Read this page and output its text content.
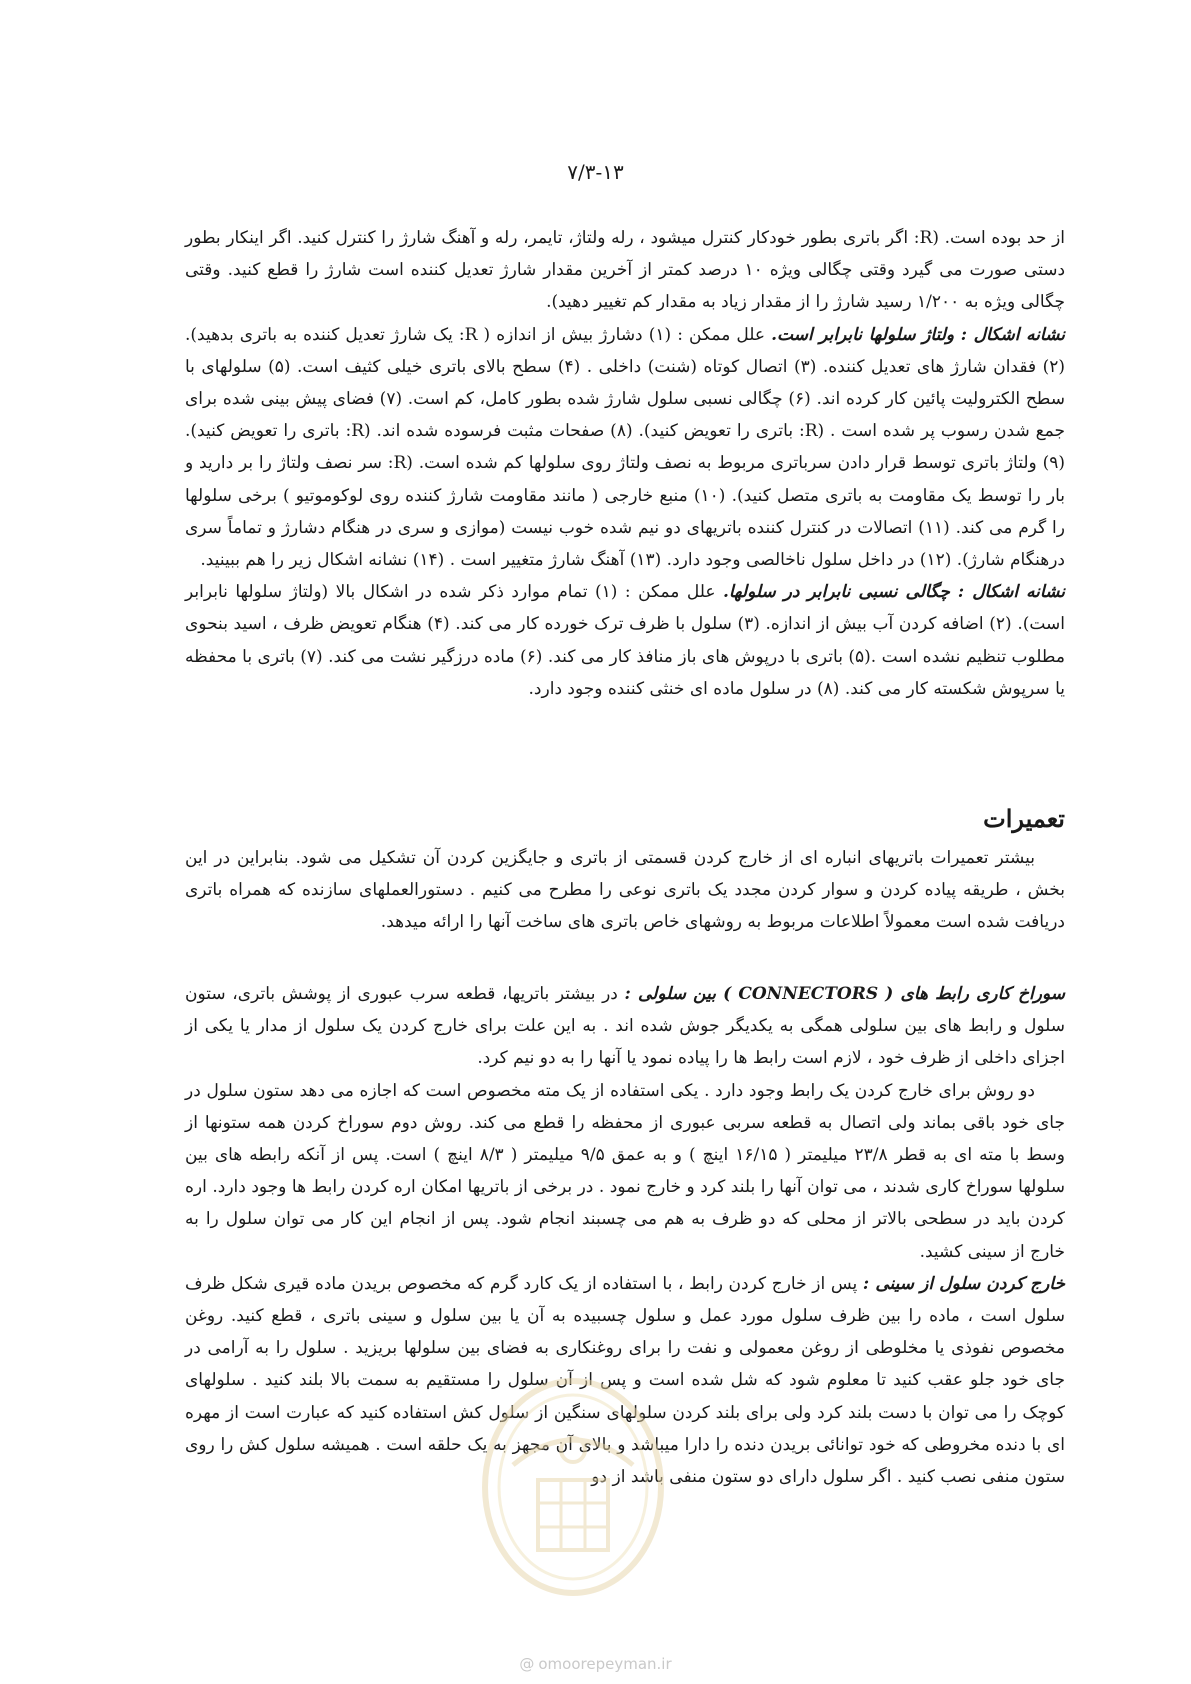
۷/۳-۱۳

از حد بوده است. (R: اگر باتری بطور خودکار کنترل میشود ، رله ولتاژ، تایمر، رله و آهنگ شارژ را کنترل کنید. اگر اینکار بطور دستی صورت می گیرد وقتی چگالی ویژه ۱۰ درصد کمتر از آخرین مقدار شارژ تعدیل کننده است شارژ را قطع کنید. وقتی چگالی ویژه به ۱/۲۰۰ رسید شارژ را از مقدار زیاد به مقدار کم تغییر دهید).

نشانه اشکال : ولتاژ سلولها نابرابر است. علل ممکن : (۱) دشارژ بیش از اندازه ( R: یک شارژ تعدیل کننده به باتری بدهید). (۲) فقدان شارژ های تعدیل کننده. (۳) اتصال کوتاه (شنت) داخلی . (۴) سطح بالای باتری خیلی کثیف است. (۵) سلولهای با سطح الکترولیت پائین کار کرده اند. (۶) چگالی نسبی سلول شارژ شده بطور کامل، کم است. (۷) فضای پیش بینی شده برای جمع شدن رسوب پر شده است . (R: باتری را تعویض کنید). (۸) صفحات مثبت فرسوده شده اند. (R: باتری را تعویض کنید). (۹) ولتاژ باتری توسط قرار دادن سرباتری مربوط به نصف ولتاژ روی سلولها کم شده است. (R: سر نصف ولتاژ را بر دارید و بار را توسط یک مقاومت به باتری متصل کنید). (۱۰) منبع خارجی ( مانند مقاومت شارژ کننده روی لوکوموتیو ) برخی سلولها را گرم می کند. (۱۱) اتصالات در کنترل کننده باتریهای دو نیم شده خوب نیست (موازی و سری در هنگام دشارژ و تماماً سری درهنگام شارژ). (۱۲) در داخل سلول ناخالصی وجود دارد. (۱۳) آهنگ شارژ متغییر است . (۱۴) نشانه اشکال زیر را هم ببینید.

نشانه اشکال : چگالی نسبی نابرابر در سلولها. علل ممکن : (۱) تمام موارد ذکر شده در اشکال بالا (ولتاژ سلولها نابرابر است). (۲) اضافه کردن آب بیش از اندازه. (۳) سلول با ظرف ترک خورده کار می کند. (۴) هنگام تعویض ظرف ، اسید بنحوی مطلوب تنظیم نشده است .(۵) باتری با درپوش های باز منافذ کار می کند. (۶) ماده درزگیر نشت می کند. (۷) باتری با محفظه یا سرپوش شکسته کار می کند. (۸) در سلول ماده ای خنثی کننده وجود دارد.

تعمیرات

بیشتر تعمیرات باتریهای انباره ای از خارج کردن قسمتی از باتری و جایگزین کردن آن تشکیل می شود. بنابراین در این بخش ، طریقه پیاده کردن و سوار کردن مجدد یک باتری نوعی را مطرح می کنیم . دستورالعملهای سازنده که همراه باتری دریافت شده است معمولاً اطلاعات مربوط به روشهای خاص باتری های ساخت آنها را ارائه میدهد.

سوراخ کاری رابط های ( CONNECTORS ) بین سلولی : در بیشتر باتریها، قطعه سرب عبوری از پوشش باتری، ستون سلول و رابط های بین سلولی همگی به یکدیگر جوش شده اند . به این علت برای خارج کردن یک سلول از مدار یا یکی از اجزای داخلی از ظرف خود ، لازم است رابط ها را پیاده نمود یا آنها را به دو نیم کرد.

دو روش برای خارج کردن یک رابط وجود دارد . یکی استفاده از یک مته مخصوص است که اجازه می دهد ستون سلول در جای خود باقی بماند ولی اتصال به قطعه سربی عبوری از محفظه را قطع می کند. روش دوم سوراخ کردن همه ستونها از وسط با مته ای به قطر ۲۳/۸ میلیمتر ( ۱۶/۱۵ اینچ ) و به عمق ۹/۵ میلیمتر ( ۸/۳ اینچ ) است. پس از آنکه رابطه های بین سلولها سوراخ کاری شدند ، می توان آنها را بلند کرد و خارج نمود . در برخی از باتریها امکان اره کردن رابط ها وجود دارد. اره کردن باید در سطحی بالاتر از محلی که دو ظرف به هم می چسبند انجام شود. پس از انجام این کار می توان سلول را به خارج از سینی کشید.

خارج کردن سلول از سینی : پس از خارج کردن رابط ، با استفاده از یک کارد گرم که مخصوص بریدن ماده قیری شکل ظرف سلول است ، ماده را بین ظرف سلول مورد عمل و سلول چسبیده به آن یا بین سلول و سینی باتری ، قطع کنید. روغن مخصوص نفوذی یا مخلوطی از روغن معمولی و نفت را برای روغنکاری به فضای بین سلولها بریزید . سلول را به آرامی در جای خود جلو عقب کنید تا معلوم شود که شل شده است و پس از آن سلول را مستقیم به سمت بالا بلند کنید . سلولهای کوچک را می توان با دست بلند کرد ولی برای بلند کردن سلولهای سنگین از سلول کش استفاده کنید که عبارت است از مهره ای با دنده مخروطی که خود توانائی بریدن دنده را دارا میباشد و بالای آن مجهز به یک حلقه است . همیشه سلول کش را روی ستون منفی نصب کنید . اگر سلول دارای دو ستون منفی باشد از دو

@ omoorepeyman.ir
